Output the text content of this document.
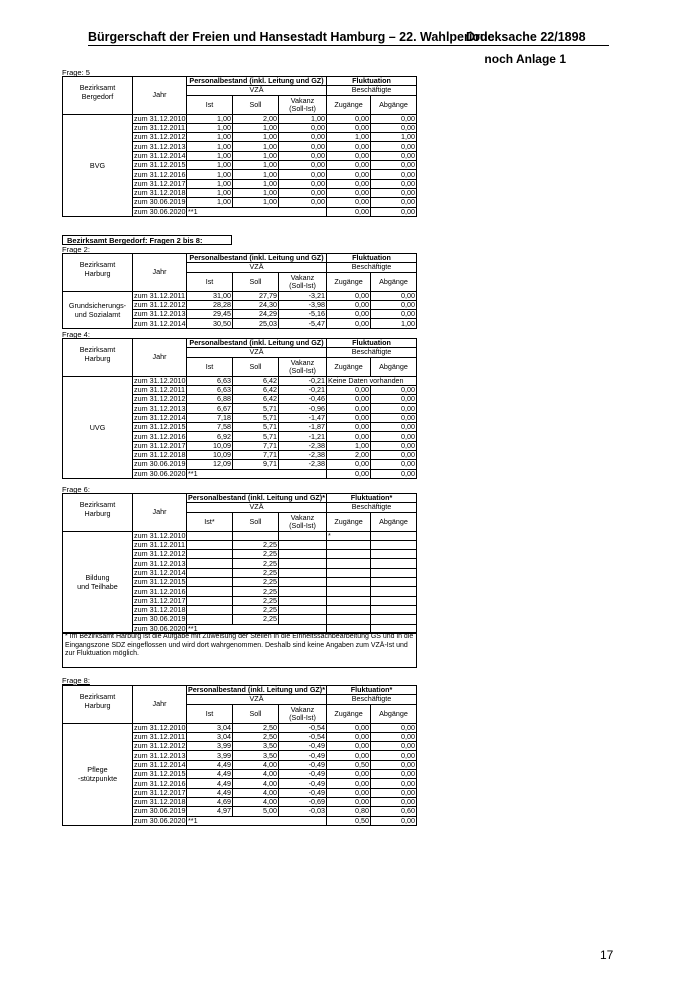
Bürgerschaft der Freien und Hansestadt Hamburg – 22. Wahlperiode
Drucksache 22/1898
noch Anlage 1
Frage: 5
Bezirksamt
Bergedorf	Jahr	Personalbestand (inkl. Leitung und GZ)			Fluktuation	
		VZÄ			Beschäftigte	
		Ist	Soll	Vakanz
(Soll-Ist)	Zugänge	Abgänge
BVG	zum 31.12.2010	1,00	2,00	1,00	0,00	0,00
	zum 31.12.2011	1,00	1,00	0,00	0,00	0,00
	zum 31.12.2012	1,00	1,00	0,00	1,00	1,00
	zum 31.12.2013	1,00	1,00	0,00	0,00	0,00
	zum 31.12.2014	1,00	1,00	0,00	0,00	0,00
	zum 31.12.2015	1,00	1,00	0,00	0,00	0,00
	zum 31.12.2016	1,00	1,00	0,00	0,00	0,00
	zum 31.12.2017	1,00	1,00	0,00	0,00	0,00
	zum 31.12.2018	1,00	1,00	0,00	0,00	0,00
	zum 30.06.2019	1,00	1,00	0,00	0,00	0,00
	zum 30.06.2020	**1			0,00	0,00
Bezirksamt Bergedorf: Fragen 2 bis 8:
Frage 2:
Bezirksamt
Harburg	Jahr	Personalbestand (inkl. Leitung und GZ)			Fluktuation	
		VZÄ			Beschäftigte	
		Ist	Soll	Vakanz
(Soll-Ist)	Zugänge	Abgänge
Grundsicherungs-
und Sozialamt	zum 31.12.2011	31,00	27,79	-3,21	0,00	0,00
	zum 31.12.2012	28,28	24,30	-3,98	0,00	0,00
	zum 31.12.2013	29,45	24,29	-5,16	0,00	0,00
	zum 31.12.2014	30,50	25,03	-5,47	0,00	1,00
Frage 4:
Bezirksamt
Harburg	Jahr	Personalbestand (inkl. Leitung und GZ)			Fluktuation	
		VZÄ			Beschäftigte	
		Ist	Soll	Vakanz
(Soll-Ist)	Zugänge	Abgänge
UVG	zum 31.12.2010	6,63	6,42	-0,21	Keine Daten vorhanden	
	zum 31.12.2011	6,63	6,42	-0,21	0,00	0,00
	zum 31.12.2012	6,88	6,42	-0,46	0,00	0,00
	zum 31.12.2013	6,67	5,71	-0,96	0,00	0,00
	zum 31.12.2014	7,18	5,71	-1,47	0,00	0,00
	zum 31.12.2015	7,58	5,71	-1,87	0,00	0,00
	zum 31.12.2016	6,92	5,71	-1,21	0,00	0,00
	zum 31.12.2017	10,09	7,71	-2,38	1,00	0,00
	zum 31.12.2018	10,09	7,71	-2,38	2,00	0,00
	zum 30.06.2019	12,09	9,71	-2,38	0,00	0,00
	zum 30.06.2020	**1			0,00	0,00
Frage 6:
Bezirksamt
Harburg	Jahr	Personalbestand (inkl. Leitung und GZ)*			Fluktuation*	
		VZÄ			Beschäftigte	
		Ist*	Soll	Vakanz
(Soll-Ist)	Zugänge	Abgänge
Bildung
und Teilhabe	zum 31.12.2010				*	
	zum 31.12.2011		2,25			
	zum 31.12.2012		2,25			
	zum 31.12.2013		2,25			
	zum 31.12.2014		2,25			
	zum 31.12.2015		2,25			
	zum 31.12.2016		2,25			
	zum 31.12.2017		2,25			
	zum 31.12.2018		2,25			
	zum 30.06.2019		2,25			
	zum 30.06.2020	**1				
* Im Bezirksamt Harburg ist die Aufgabe mit Zuweisung der Stellen in die Einheitssachbearbeitung GS und in die Eingangszone SDZ eingeflossen und wird dort wahrgenommen. Deshalb sind keine Angaben zum VZÄ-Ist und zur Fluktuation möglich.
Frage 8:
Bezirksamt
Harburg	Jahr	Personalbestand (inkl. Leitung und GZ)*			Fluktuation*	
		VZÄ			Beschäftigte	
		Ist	Soll	Vakanz
(Soll-Ist)	Zugänge	Abgänge
Pflege
-stützpunkte	zum 31.12.2010	3,04	2,50	-0,54	0,00	0,00
	zum 31.12.2011	3,04	2,50	-0,54	0,00	0,00
	zum 31.12.2012	3,99	3,50	-0,49	0,00	0,00
	zum 31.12.2013	3,99	3,50	-0,49	0,00	0,00
	zum 31.12.2014	4,49	4,00	-0,49	0,50	0,00
	zum 31.12.2015	4,49	4,00	-0,49	0,00	0,00
	zum 31.12.2016	4,49	4,00	-0,49	0,00	0,00
	zum 31.12.2017	4,49	4,00	-0,49	0,00	0,00
	zum 31.12.2018	4,69	4,00	-0,69	0,00	0,00
	zum 30.06.2019	4,97	5,00	-0,03	0,80	0,60
	zum 30.06.2020	**1			0,50	0,00
17
